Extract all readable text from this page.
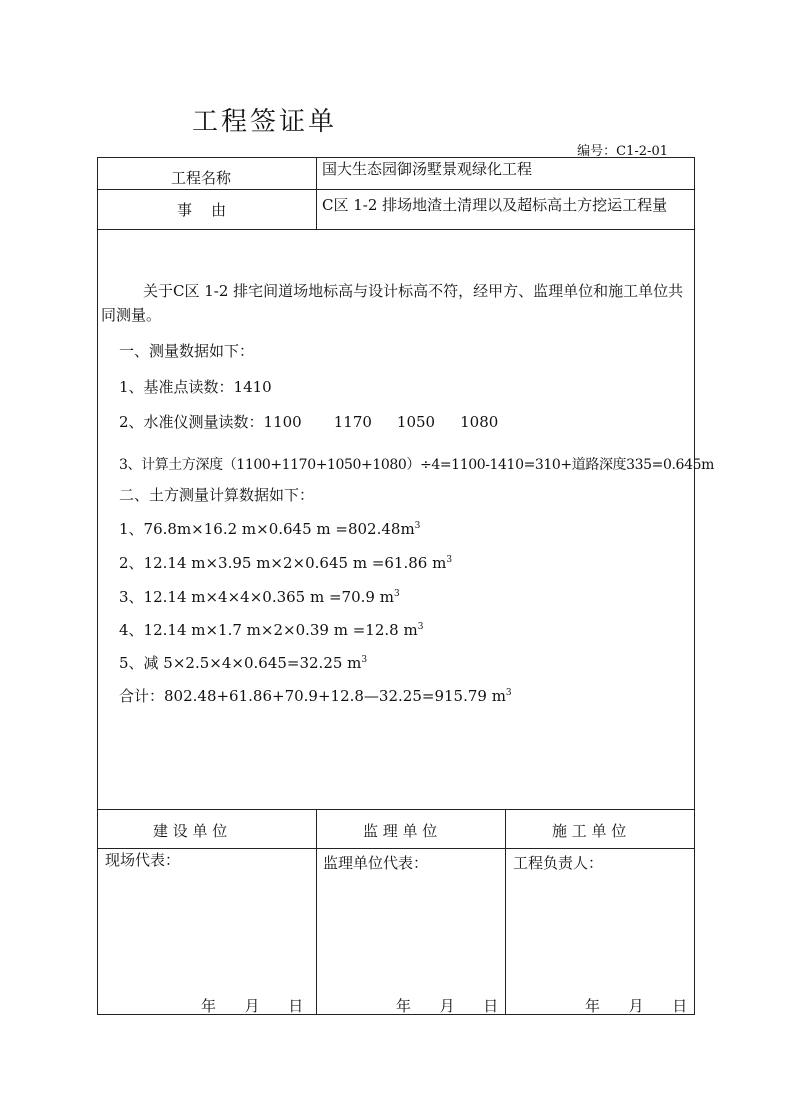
工程签证单
编号：C1-2-01
工程名称	国大生态园御汤墅景观绿化工程
事    由	C区 1-2 排场地渣土清理以及超标高土方挖运工程量
关于C区 1-2 排宅间道场地标高与设计标高不符，经甲方、监理单位和施工单位共同测量。
一、测量数据如下：
1、基准点读数：1410
2、水准仪测量读数：1100 1170 1050 1080
3、计算土方深度（1100+1170+1050+1080）÷4=1100-1410=310+道路深度335=0.645m
二、土方测量计算数据如下：
1、76.8m×16.2 m×0.645 $m =802.48m^3$
2、12.14 m×3.95 m×2×0.645 m =61.86 $m^3$
3、12.14 m×4×4×0.365 m =70.9 $m^3$
4、12.14 m×1.7 m×2×0.39 m =12.8 $m^3$
5、减 5×2.5×4×0.645=32.25 $m^3$
合计：802.48+61.86+70.9+12.8—32.25=915.79 $m^3$
建 设 单 位	监 理 单 位	施 工 单 位
现场代表：	监理单位代表：	工程负责人：
年      月      日	年      月      日	年      月      日
